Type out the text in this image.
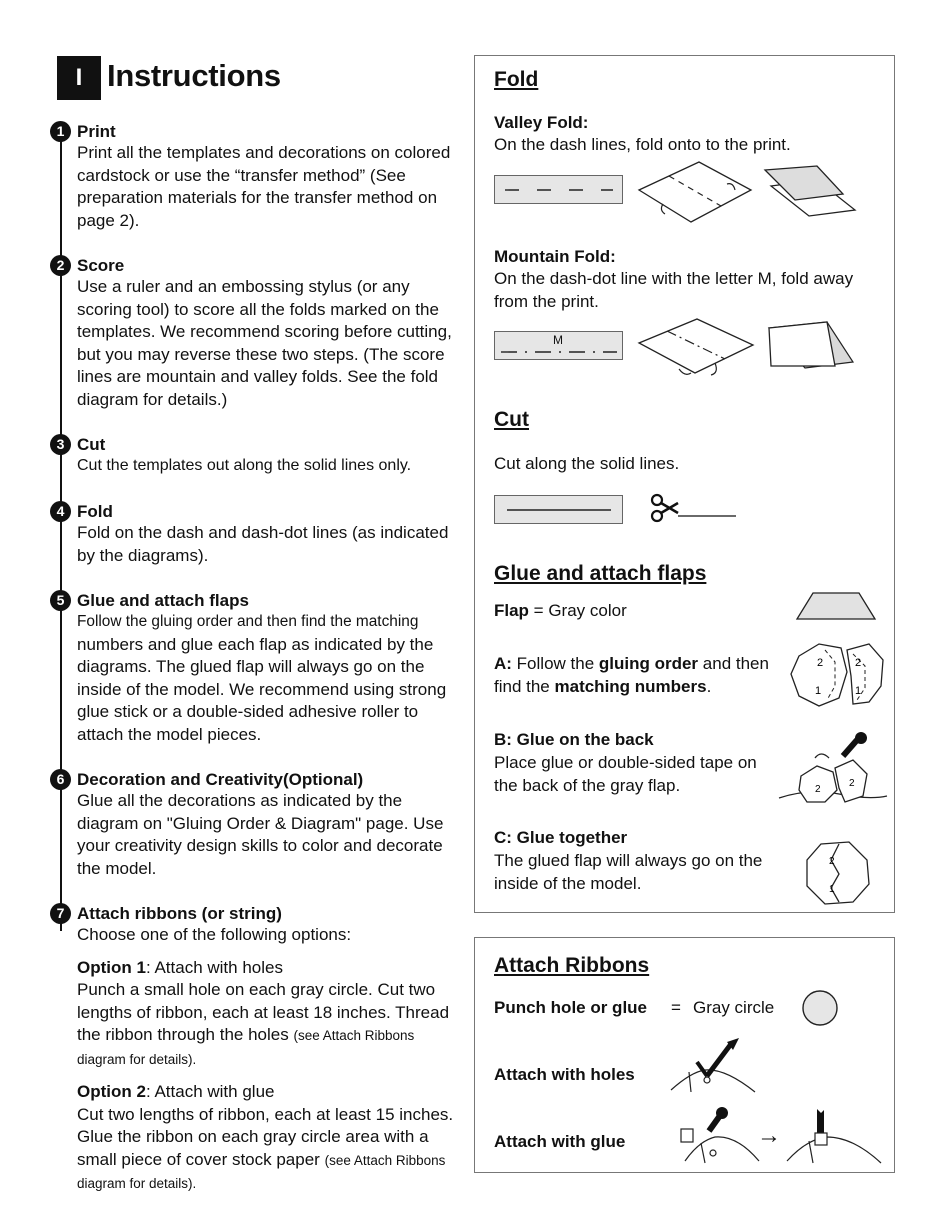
I Instructions
1 Print
Print all the templates and decorations on colored cardstock or use the “transfer method” (See preparation materials for the transfer method on page 2).
2 Score
Use a ruler and an embossing stylus (or any scoring tool) to score all the folds marked on the templates. We recommend scoring before cutting, but you may reverse these two steps. (The score lines are mountain and valley folds. See the fold diagram for details.)
3 Cut
Cut the templates out along the solid lines only.
4 Fold
Fold on the dash and dash-dot lines (as indicated by the diagrams).
5 Glue and attach flaps
Follow the gluing order and then find the matching
numbers and glue each flap as indicated by the diagrams. The glued flap will always go on the inside of the model. We recommend using strong glue stick or a double-sided adhesive roller to attach the model pieces.
6 Decoration and Creativity(Optional)
Glue all the decorations as indicated by the diagram on "Gluing Order & Diagram" page. Use your creativity design skills to color and decorate the model.
7 Attach ribbons (or string)
Choose one of the following options:
Option 1: Attach with holes
Punch a small hole on each gray circle. Cut two lengths of ribbon, each at least 18 inches. Thread the ribbon through the holes (see Attach Ribbons diagram for details).
Option 2: Attach with glue
Cut two lengths of ribbon, each at least 15 inches. Glue the ribbon on each gray circle area with a small piece of cover stock paper (see Attach Ribbons diagram for details).
Fold
Valley Fold:
On the dash lines, fold onto to the print.
Mountain Fold:
On the dash-dot line with the letter M, fold away from the print.
M
Cut
Cut along the solid lines.
Glue and attach flaps
Flap = Gray color
A: Follow the gluing order and then find the matching numbers.
2
1
2
1
B: Glue on the back
Place glue or double-sided tape on the back of the gray flap.	2
2
C: Glue together
The glued flap will always go on the inside of the model.
2
1
Attach Ribbons
Punch hole or glue = Gray circle
Attach with holes
Attach with glue	→
